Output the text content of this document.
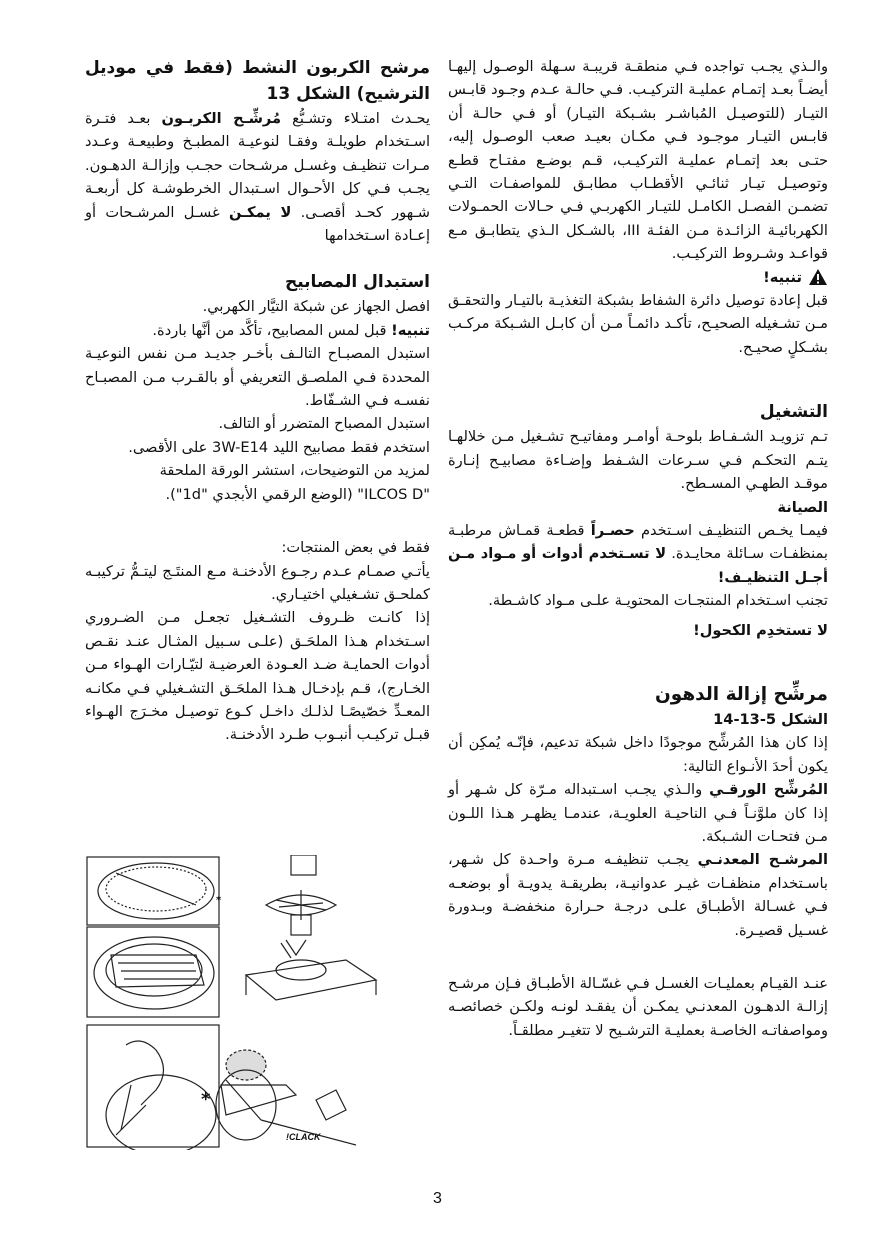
والـذي يجـب تواجده فـي منطقـة قريبـة سـهلة الوصـول إليهـا أيضـاً بعـد إتمـام عمليـة التركيـب. فـي حالـة عـدم وجـود قابـس التيـار (للتوصيـل المُباشـر بشـبكة التيـار) أو فـي حالـة أن قابـس التيـار موجـود فـي مكـان بعيـد صعب الوصـول إليه، حتـى بعد إتمـام عمليـة التركيـب، قـم بوضـع مفتـاح قطـع وتوصيـل تيـار ثنائـي الأقطـاب مطابـق للمواصفـات التـي تضمـن الفصـل الكامـل للتيـار الكهربـي فـي حـالات الحمـولات الكهربائيـة الزائـدة مـن الفئـة III، بالشـكل الـذي يتطابـق مـع قواعـد وشـروط التركيـب.

تنبيه!

قبل إعادة توصيل دائرة الشفاط بشبكة التغذيـة بالتيـار والتحقـق مـن تشـغيله الصحيـح، تأكـد دائمـاً مـن أن كابـل الشـبكة مركـب بشـكلٍ صحيـح.

التشغيل

تـم تزويـد الشـفـاط بلوحـة أوامـر ومفاتيـح تشـغيل مـن خلالهـا يتـم التحكـم فـي سـرعات الشـفط وإضـاءة مصابيـح إنـارة موقـد الطهـي المسـطح.

الصيانة

فيمـا يخـص التنظيـف اسـتخدم حصـراً قطعـة قمـاش مرطبـة بمنظفـات سـائلة محايـدة. لا تسـتخدم أدوات أو مـواد مـن أجـل التنظيـف!

تجنب اسـتخدام المنتجـات المحتويـة علـى مـواد كاشـطة.

لا تستخدِم الكحول!

مرشِّح إزالة الدهون

الشكل 5-13-14

إذا كان هذا المُرشِّح موجودًا داخل شبكة تدعيم، فإنّـه يُمكِن أن يكون أحدَ الأنـواع التالية:

المُرشِّح الورقـي والـذي يجـب اسـتبداله مـرّة كل شـهر أو إذا كان ملوَّنـاً فـي الناحيـة العلويـة، عندمـا يظهـر هـذا اللـون مـن فتحـات الشـبكة.

المرشـح المعدنـي يجـب تنظيفـه مـرة واحـدة كل شـهر، باسـتخدام منظفـات غيـر عدوانيـة، بطريقـة يدويـة أو بوضعـه فـي غسـالة الأطبـاق علـى درجـة حـرارة منخفضـة وبـدورة غسـيل قصيـرة.

عنـد القيـام بعمليـات الغسـل فـي غسّـالة الأطبـاق فـإن مرشـح إزالـة الدهـون المعدنـي يمكـن أن يفقـد لونـه ولكـن خصائصـه ومواصفاتـه الخاصـة بعمليـة الترشـيح لا تتغيـر مطلقـاً.

مرشح الكربون النشط (فقط في موديل الترشيح) الشكل 13

يحـدث امتـلاء وتشـبُّع مُرشِّـح الكربـون بعـد فتـرة اسـتخدام طويلـة وفقـا لنوعيـة المطبـخ وطبيعـة وعـدد مـرات تنظيـف وغسـل مرشـحات حجـب وإزالـة الدهـون. يجـب فـي كل الأحـوال اسـتبدال الخرطوشـة كل أربعـة شـهور كحـد أقصـى. لا يمكـن غسـل المرشـحات أو إعـادة اسـتخدامها

استبدال المصابيح

افصل الجهاز عن شبكة التيَّار الكهربي.

تنبيه! قبل لمس المصابيح، تأكَّد من أنَّها باردة.

استبدل المصبـاح التالـف بأخـر جديـد مـن نفس النوعيـة المحددة فـي الملصـق التعريفي أو بالقـرب مـن المصبـاح نفسـه فـي الشـفّاط.

استبدل المصباح المتضرر أو التالف.

استخدم فقط مصابيح الليد 3W-E14 على الأقصى.

لمزيد من التوضيحات، استشر الورقة الملحقة

"ILCOS D" (الوضع الرقمي الأبجدي "1d").

فقط في بعض المنتجات:

يأتـي صمـام عـدم رجـوع الأدخنـة مـع المنتَـج ليتـمُّ تركيبـه كملحـق تشـغيلي اختيـاري.

إذا كانـت ظـروف التشـغيل تجعـل مـن الضـروري اسـتخدام هـذا الملحَـق (علـى سـبيل المثـال عنـد نقـص أدوات الحمايـة ضـد العـودة العرضيـة لتيّـارات الهـواء مـن الخـارج)، قـم بإدخـال هـذا الملحَـق التشـغيلي فـي مكانـه المعـدِّ خصّيصًـا لذلـك داخـل كـوع توصيـل مخـرَج الهـواء قبـل تركيـب أنبـوب طـرد الأدخنـة.

*
*
!CLACK
3
